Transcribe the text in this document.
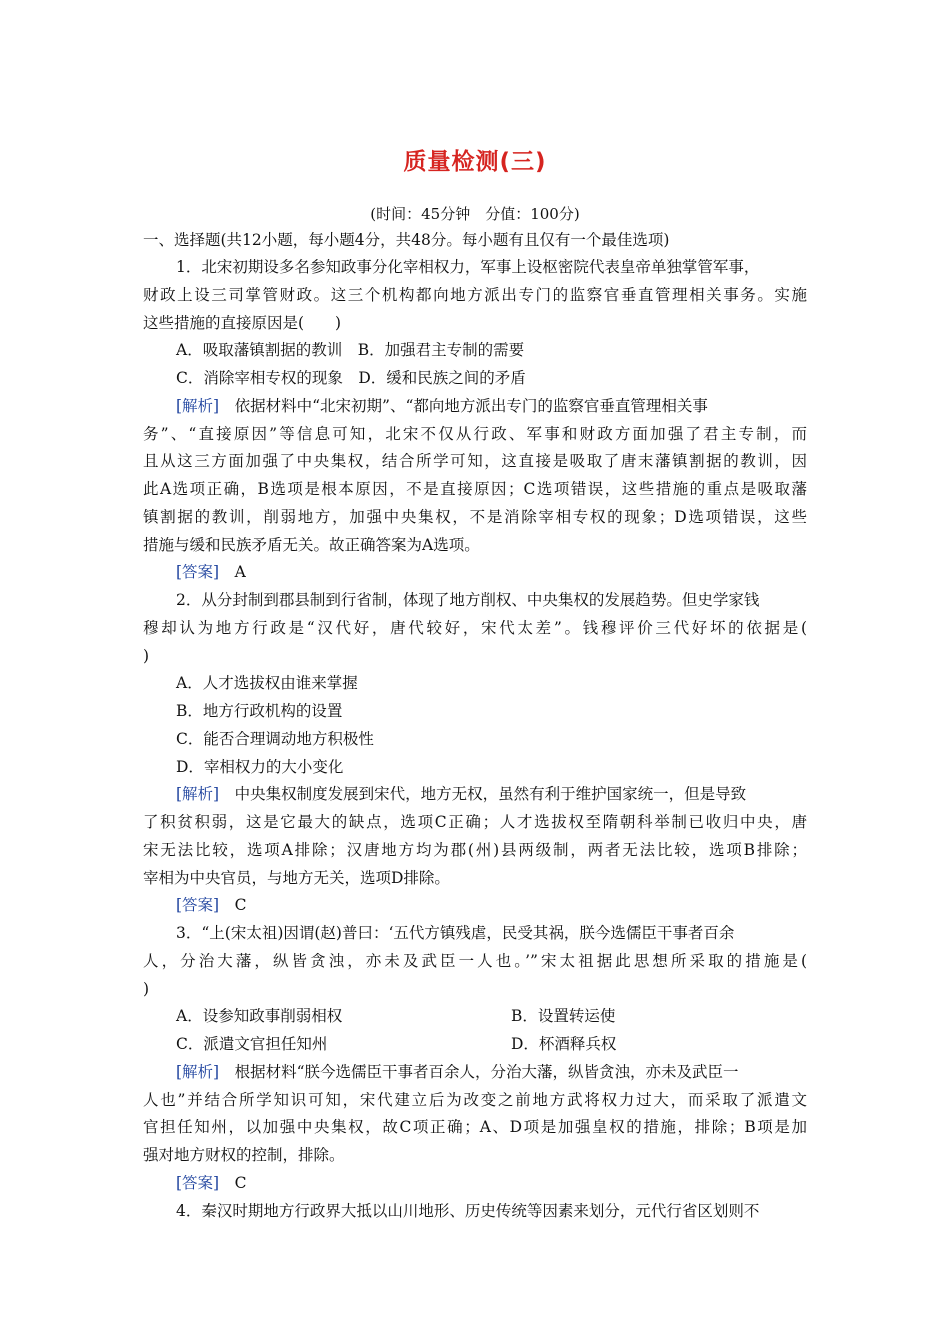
质量检测(三)
(时间：45分钟　分值：100分)
一、选择题(共12小题，每小题4分，共48分。每小题有且仅有一个最佳选项)
1．北宋初期设多名参知政事分化宰相权力，军事上设枢密院代表皇帝单独掌管军事，
财政上设三司掌管财政。这三个机构都向地方派出专门的监察官垂直管理相关事务。实施
这些措施的直接原因是(　　)
A．吸取藩镇割据的教训　B．加强君主专制的需要
C．消除宰相专权的现象　D．缓和民族之间的矛盾
[解析]　 依据材料中“北宋初期”、“都向地方派出专门的监察官垂直管理相关事
务”、“直接原因”等信息可知，北宋不仅从行政、军事和财政方面加强了君主专制，而
且从这三方面加强了中央集权，结合所学可知，这直接是吸取了唐末藩镇割据的教训，因
此A选项正确，B选项是根本原因，不是直接原因；C选项错误，这些措施的重点是吸取藩
镇割据的教训，削弱地方，加强中央集权，不是消除宰相专权的现象；D选项错误，这些
措施与缓和民族矛盾无关。故正确答案为A选项。
[答案]　 A
2．从分封制到郡县制到行省制，体现了地方削权、中央集权的发展趋势。但史学家钱
穆却认为地方行政是“汉代好，唐代较好，宋代太差”。钱穆评价三代好坏的依据是(
)
A．人才选拔权由谁来掌握
B．地方行政机构的设置
C．能否合理调动地方积极性
D．宰相权力的大小变化
[解析]　 中央集权制度发展到宋代，地方无权，虽然有利于维护国家统一，但是导致
了积贫积弱，这是它最大的缺点，选项C正确；人才选拔权至隋朝科举制已收归中央，唐
宋无法比较，选项A排除；汉唐地方均为郡(州)县两级制，两者无法比较，选项B排除；
宰相为中央官员，与地方无关，选项D排除。
[答案]　 C
3．“上(宋太祖)因谓(赵)普曰：‘五代方镇残虐，民受其祸，朕今选儒臣干事者百余
人，分治大藩，纵皆贪浊，亦未及武臣一人也。’”宋太祖据此思想所采取的措施是(
)
A．设参知政事削弱相权	B．设置转运使
C．派遣文官担任知州	D．杯酒释兵权
[解析]　 根据材料“朕今选儒臣干事者百余人，分治大藩，纵皆贪浊，亦未及武臣一
人也”并结合所学知识可知，宋代建立后为改变之前地方武将权力过大，而采取了派遣文
官担任知州，以加强中央集权，故C项正确；A、D项是加强皇权的措施，排除；B项是加
强对地方财权的控制，排除。
[答案]　 C
4．秦汉时期地方行政界大抵以山川地形、历史传统等因素来划分，元代行省区划则不
